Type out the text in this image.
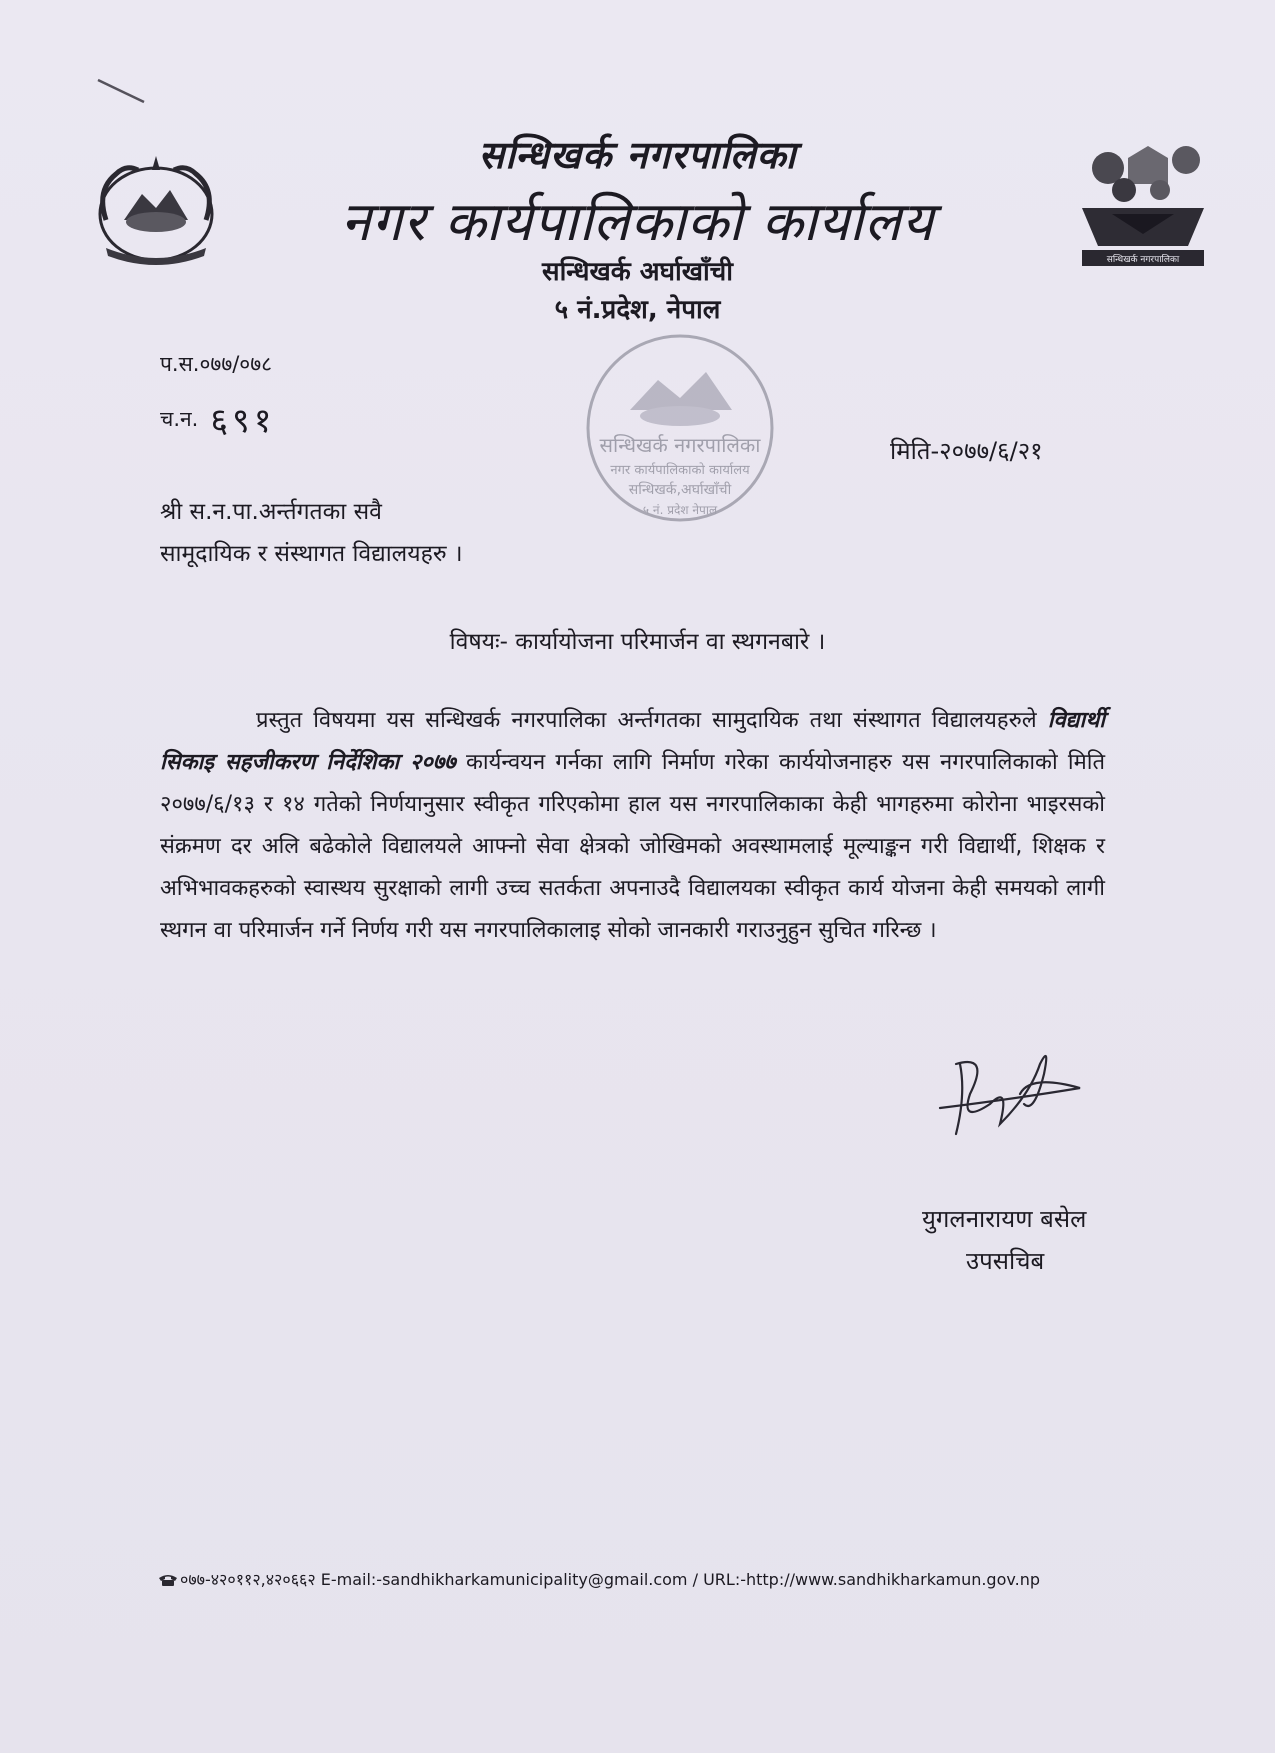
सन्धिखर्क नगरपालिका
सन्धिखर्क नगरपालिका
नगर कार्यपालिकाको कार्यालय
सन्धिखर्क अर्घाखाँची
५ नं.प्रदेश, नेपाल
सन्धिखर्क नगरपालिका
नगर कार्यपालिकाको कार्यालय
सन्धिखर्क,अर्घाखाँची
५ नं. प्रदेश नेपाल
प.स.०७७/०७८
च.न. ६९१
मिति-२०७७/६/२१
श्री स.न.पा.अर्न्तगतका सवै
सामूदायिक र संस्थागत विद्यालयहरु ।
विषयः- कार्यायोजना परिमार्जन वा स्थगनबारे ।
प्रस्तुत विषयमा यस सन्धिखर्क नगरपालिका अर्न्तगतका सामुदायिक तथा संस्थागत विद्यालयहरुले विद्यार्थी सिकाइ सहजीकरण निर्देशिका २०७७ कार्यन्वयन गर्नका लागि निर्माण गरेका कार्ययोजनाहरु यस नगरपालिकाको मिति २०७७/६/१३ र १४ गतेको निर्णयानुसार स्वीकृत गरिएकोमा हाल यस नगरपालिकाका केही भागहरुमा कोरोना भाइरसको संक्रमण दर अलि बढेकोले विद्यालयले आफ्नो सेवा क्षेत्रको जोखिमको अवस्थामलाई मूल्याङ्कन गरी विद्यार्थी, शिक्षक र अभिभावकहरुको स्वास्थय सुरक्षाको लागी उच्च सतर्कता अपनाउदै विद्यालयका स्वीकृत कार्य योजना केही समयको लागी स्थगन वा परिमार्जन गर्ने निर्णय गरी यस नगरपालिकालाइ सोको जानकारी गराउनुहुन सुचित गरिन्छ ।
युगलनारायण बसेल
उपसचिब
०७७-४२०११२,४२०६६२ E-mail:-sandhikharkamunicipality@gmail.com / URL:-http://www.sandhikharkamun.gov.np
